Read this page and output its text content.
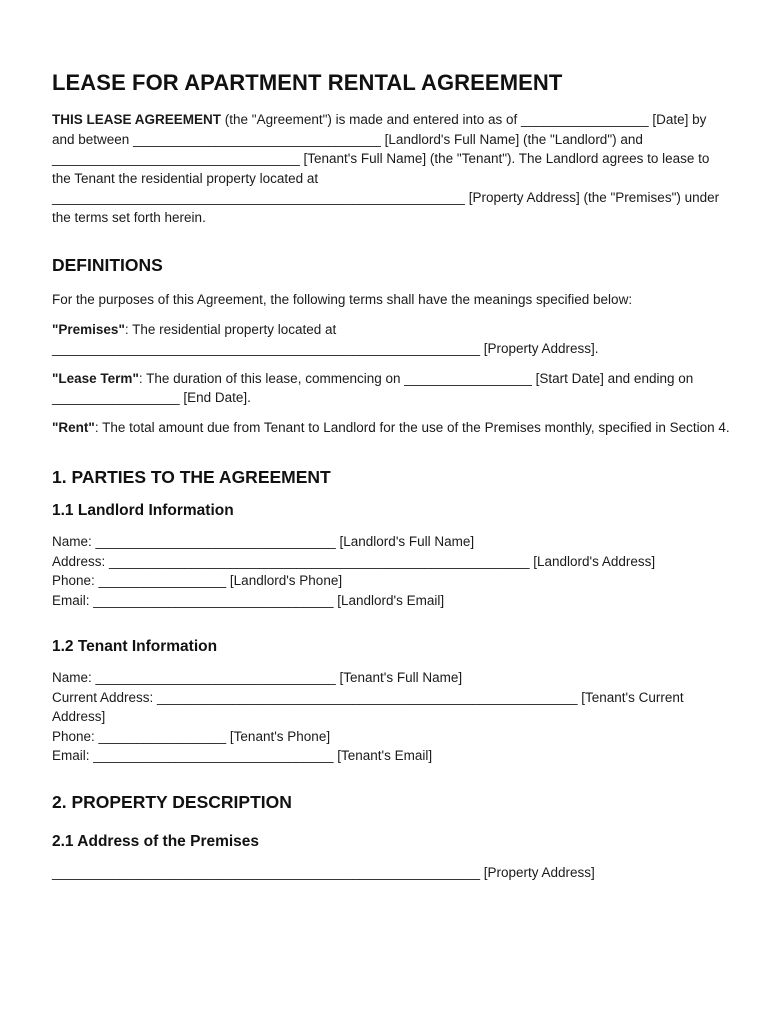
LEASE FOR APARTMENT RENTAL AGREEMENT

THIS LEASE AGREEMENT (the "Agreement") is made and entered into as of _________________ [Date] by and between _________________________________ [Landlord's Full Name] (the "Landlord") and _________________________________ [Tenant's Full Name] (the "Tenant"). The Landlord agrees to lease to the Tenant the residential property located at _______________________________________________________ [Property Address] (the "Premises") under the terms set forth herein.

DEFINITIONS

For the purposes of this Agreement, the following terms shall have the meanings specified below:

"Premises": The residential property located at _________________________________________________________ [Property Address].

"Lease Term": The duration of this lease, commencing on _________________ [Start Date] and ending on _________________ [End Date].

"Rent": The total amount due from Tenant to Landlord for the use of the Premises monthly, specified in Section 4.

1. PARTIES TO THE AGREEMENT
1.1 Landlord Information

Name: ________________________________ [Landlord's Full Name]

Address: ________________________________________________________ [Landlord's Address]

Phone: _________________ [Landlord's Phone]

Email: ________________________________ [Landlord's Email]

1.2 Tenant Information

Name: ________________________________ [Tenant's Full Name]

Current Address: ________________________________________________________ [Tenant's Current Address]

Phone: _________________ [Tenant's Phone]

Email: ________________________________ [Tenant's Email]

2. PROPERTY DESCRIPTION
2.1 Address of the Premises

_________________________________________________________ [Property Address]
